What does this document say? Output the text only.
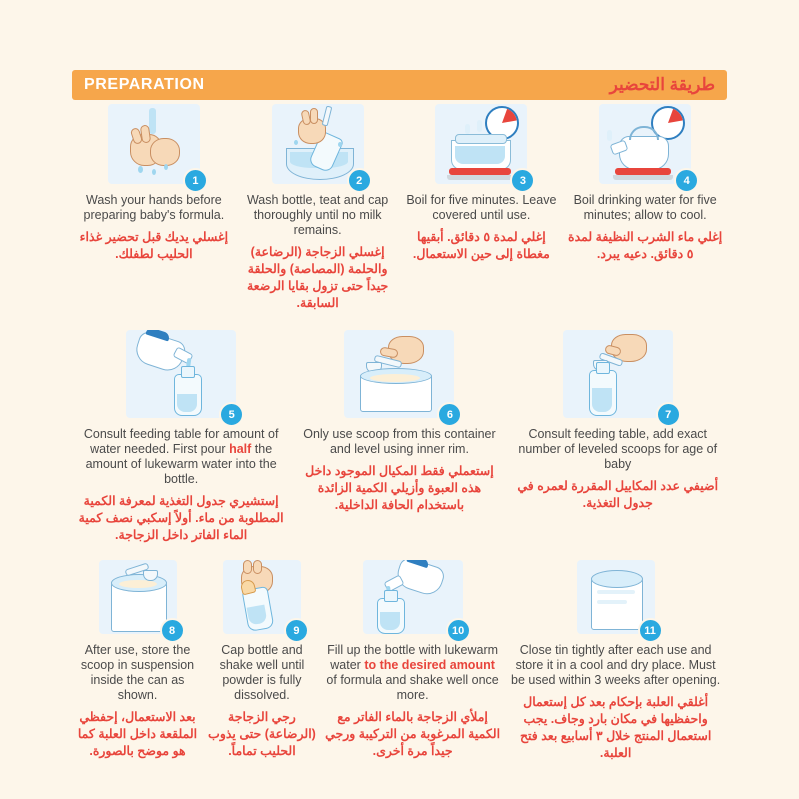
PREPARATION	طريقة التحضير
1
Wash your hands before preparing baby's formula.
إغسلي يديك قبل تحضير غذاء الحليب لطفلك.
2
Wash bottle, teat and cap thoroughly until no milk remains.
إغسلي الزجاجة (الرضاعة) والحلمة (المصاصة) والحلقة جيداً حتى تزول بقايا الرضعة السابقة.
3
Boil for five minutes. Leave covered until use.
إغلي لمدة ٥ دقائق. أبقيها مغطاة إلى حين الاستعمال.
4
Boil drinking water for five minutes; allow to cool.
إغلي ماء الشرب النظيفة لمدة ٥ دقائق. دعيه يبرد.
5
Consult feeding table for amount of water needed. First pour half the amount of lukewarm water into the bottle.
إستشيري جدول التغذية لمعرفة الكمية المطلوبة من ماء. أولاً إسكبي نصف كمية الماء الفاتر داخل الزجاجة.
6
Only use scoop from this container and level using inner rim.
إستعملي فقط المكيال الموجود داخل هذه العبوة وأزيلي الكمية الزائدة باستخدام الحافة الداخلية.
7
Consult feeding table, add exact number of leveled scoops for age of baby
أضيفي عدد المكاييل المقررة لعمره في جدول التغذية.
8
After use, store the scoop in suspension inside the can as shown.
بعد الاستعمال، إحفظي الملقعة داخل العلبة كما هو موضح بالصورة.
9
Cap bottle and shake well until powder is fully dissolved.
رجي الزجاجة (الرضاعة) حتى يذوب الحليب تماماً.
10
Fill up the bottle with lukewarm water to the desired amount of formula and shake well once more.
إملأي الزجاجة بالماء الفاتر مع الكمية المرغوبة من التركيبة ورجي جيداً مرة أخرى.
11
Close tin tightly after each use and store it in a cool and dry place. Must be used within 3 weeks after opening.
أغلقي العلبة بإحكام بعد كل إستعمال واحفظيها في مكان بارد وجاف. يجب استعمال المنتج خلال ٣ أسابيع بعد فتح العلبة.
